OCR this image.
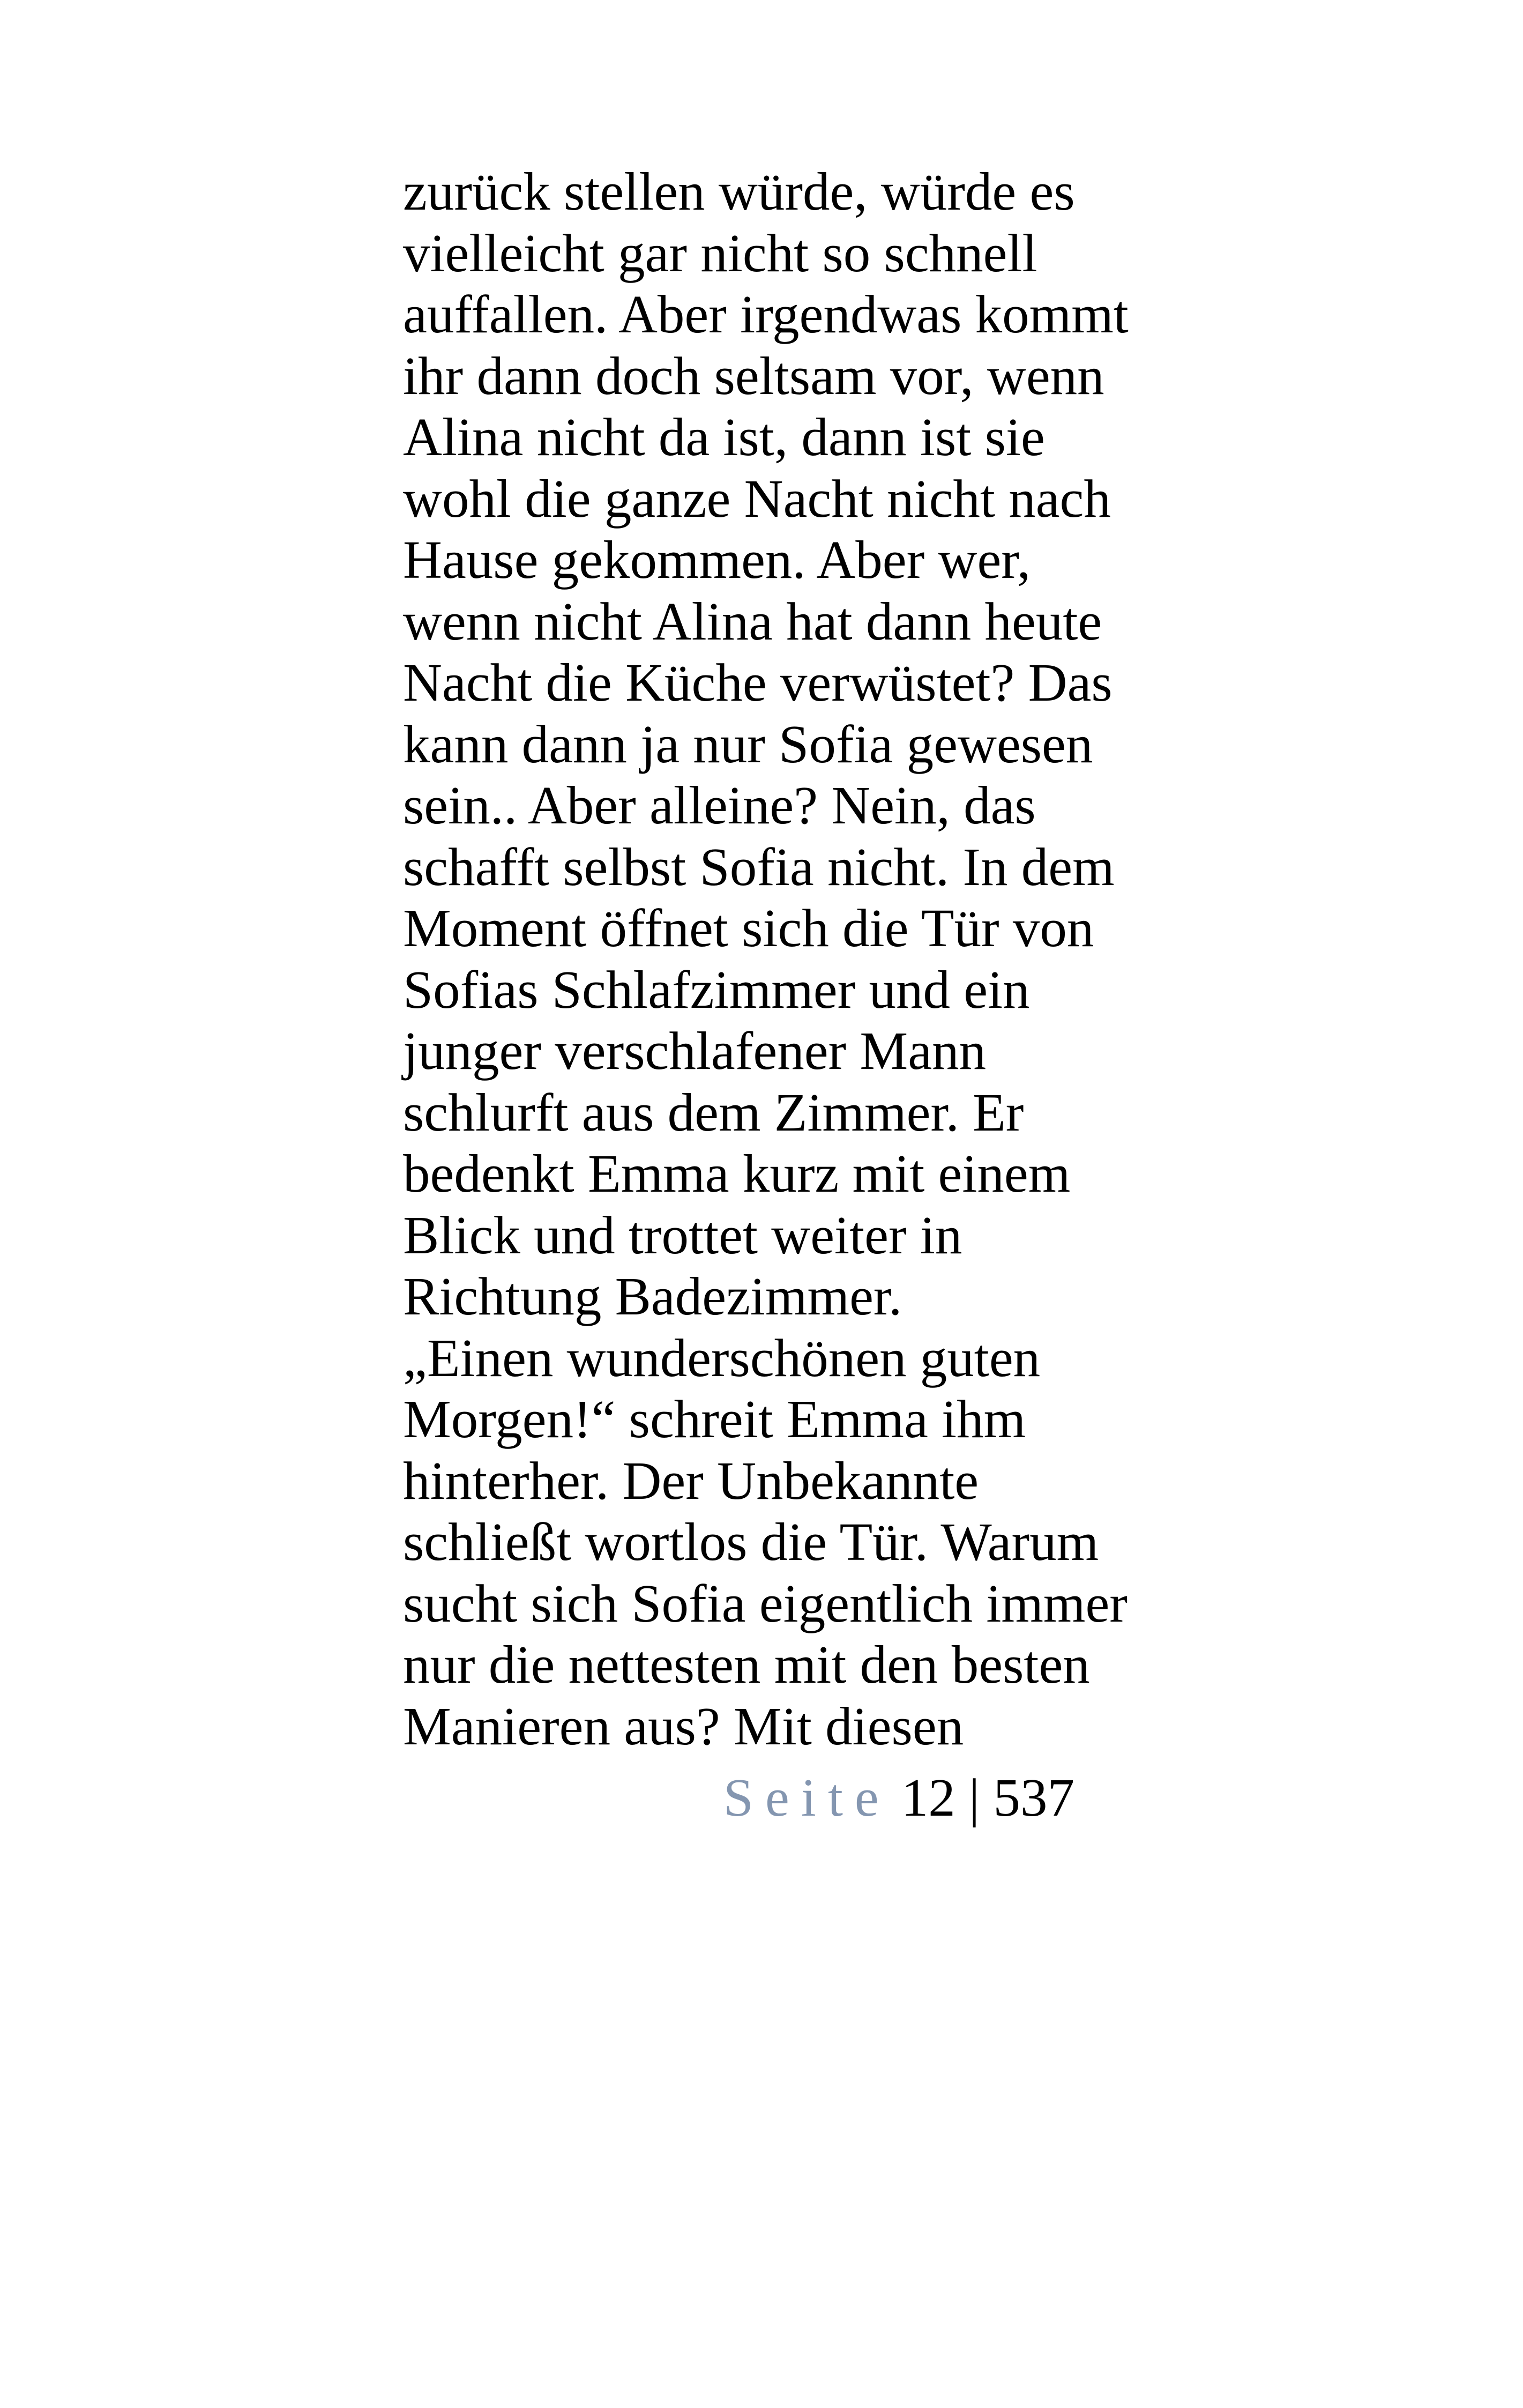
zurück stellen würde, würde es
vielleicht gar nicht so schnell
auffallen. Aber irgendwas kommt
ihr dann doch seltsam vor, wenn
Alina nicht da ist, dann ist sie
wohl die ganze Nacht nicht nach
Hause gekommen. Aber wer,
wenn nicht Alina hat dann heute
Nacht die Küche verwüstet? Das
kann dann ja nur Sofia gewesen
sein.. Aber alleine? Nein, das
schafft selbst Sofia nicht. In dem
Moment öffnet sich die Tür von
Sofias Schlafzimmer und ein
junger verschlafener Mann
schlurft aus dem Zimmer. Er
bedenkt Emma kurz mit einem
Blick und trottet weiter in
Richtung Badezimmer.
„Einen wunderschönen guten
Morgen!“ schreit Emma ihm
hinterher. Der Unbekannte
schließt wortlos die Tür. Warum
sucht sich Sofia eigentlich immer
nur die nettesten mit den besten
Manieren aus? Mit diesen
Seite 12 | 537
